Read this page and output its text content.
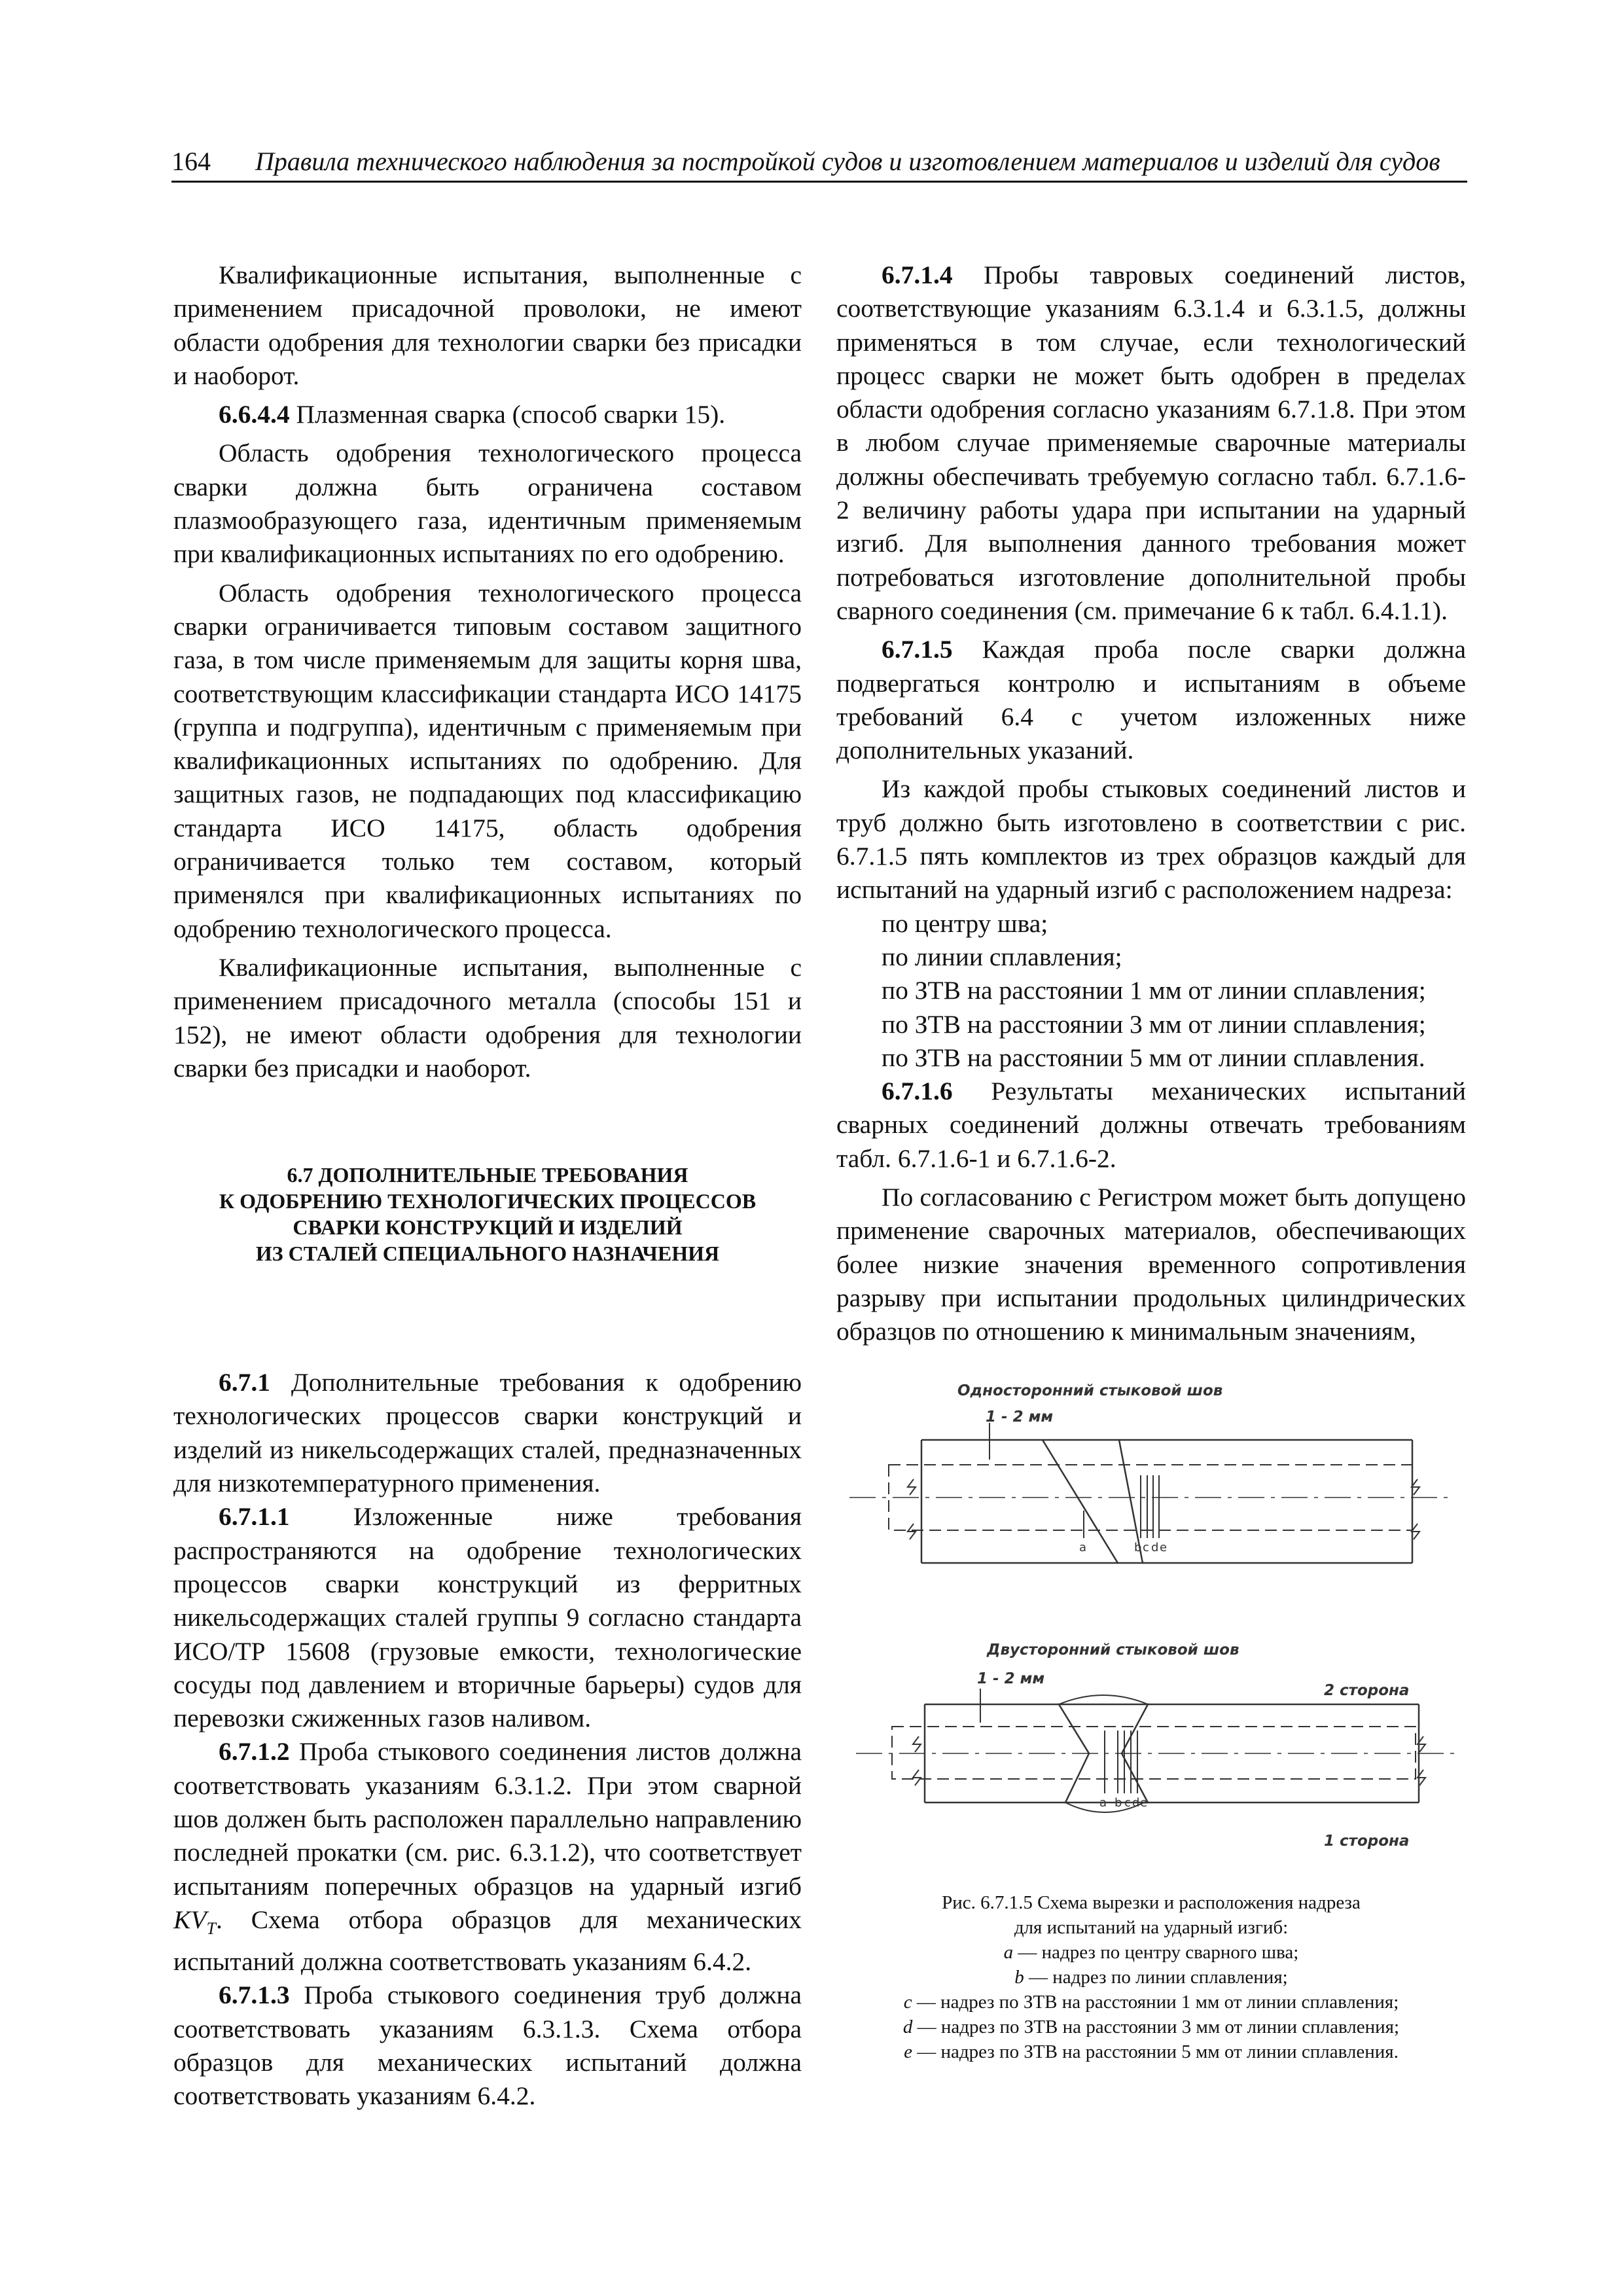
164 Правила технического наблюдения за постройкой судов и изготовлением материалов и изделий для судов

Квалификационные испытания, выполненные с применением присадочной проволоки, не имеют области одобрения для технологии сварки без присадки и наоборот.

6.6.4.4 Плазменная сварка (способ сварки 15).

Область одобрения технологического процесса сварки должна быть ограничена составом плазмообразующего газа, идентичным применяемым при квалификационных испытаниях по его одобрению.

Область одобрения технологического процесса сварки ограничивается типовым составом защитного газа, в том числе применяемым для защиты корня шва, соответствующим классификации стандарта ИСО 14175 (группа и подгруппа), идентичным с применяемым при квалификационных испытаниях по одобрению. Для защитных газов, не подпадающих под классификацию стандарта ИСО 14175, область одобрения ограничивается только тем составом, который применялся при квалификационных испытаниях по одобрению технологического процесса.

Квалификационные испытания, выполненные с применением присадочного металла (способы 151 и 152), не имеют области одобрения для технологии сварки без присадки и наоборот.

6.7 ДОПОЛНИТЕЛЬНЫЕ ТРЕБОВАНИЯ
К ОДОБРЕНИЮ ТЕХНОЛОГИЧЕСКИХ ПРОЦЕССОВ
СВАРКИ КОНСТРУКЦИЙ И ИЗДЕЛИЙ
ИЗ СТАЛЕЙ СПЕЦИАЛЬНОГО НАЗНАЧЕНИЯ

6.7.1 Дополнительные требования к одобрению технологических процессов сварки конструкций и изделий из никельсодержащих сталей, предназначенных для низкотемпературного применения.

6.7.1.1 Изложенные ниже требования распространяются на одобрение технологических процессов сварки конструкций из ферритных никельсодержащих сталей группы 9 согласно стандарта ИСО/ТР 15608 (грузовые емкости, технологические сосуды под давлением и вторичные барьеры) судов для перевозки сжиженных газов наливом.

6.7.1.2 Проба стыкового соединения листов должна соответствовать указаниям 6.3.1.2. При этом сварной шов должен быть расположен параллельно направлению последней прокатки (см. рис. 6.3.1.2), что соответствует испытаниям поперечных образцов на ударный изгиб $KV_T$. Схема отбора образцов для механических испытаний должна соответствовать указаниям 6.4.2.

6.7.1.3 Проба стыкового соединения труб должна соответствовать указаниям 6.3.1.3. Схема отбора образцов для механических испытаний должна соответствовать указаниям 6.4.2.

6.7.1.4 Пробы тавровых соединений листов, соответствующие указаниям 6.3.1.4 и 6.3.1.5, должны применяться в том случае, если технологический процесс сварки не может быть одобрен в пределах области одобрения согласно указаниям 6.7.1.8. При этом в любом случае применяемые сварочные материалы должны обеспечивать требуемую согласно табл. 6.7.1.6-2 величину работы удара при испытании на ударный изгиб. Для выполнения данного требования может потребоваться изготовление дополнительной пробы сварного соединения (см. примечание 6 к табл. 6.4.1.1).

6.7.1.5 Каждая проба после сварки должна подвергаться контролю и испытаниям в объеме требований 6.4 с учетом изложенных ниже дополнительных указаний.

Из каждой пробы стыковых соединений листов и труб должно быть изготовлено в соответствии с рис. 6.7.1.5 пять комплектов из трех образцов каждый для испытаний на ударный изгиб с расположением надреза:

по центру шва;

по линии сплавления;

по ЗТВ на расстоянии 1 мм от линии сплавления;

по ЗТВ на расстоянии 3 мм от линии сплавления;

по ЗТВ на расстоянии 5 мм от линии сплавления.

6.7.1.6 Результаты механических испытаний сварных соединений должны отвечать требованиям табл. 6.7.1.6-1 и 6.7.1.6-2.

По согласованию с Регистром может быть допущено применение сварочных материалов, обеспечивающих более низкие значения временного сопротивления разрыву при испытании продольных цилиндрических образцов по отношению к минимальным значениям,

Односторонний стыковой шов
1 - 2 мм
a	b c d e
Двусторонний стыковой шов
1 - 2 мм
2 сторона
a b c d e
1 сторона
Рис. 6.7.1.5 Схема вырезки и расположения надреза
для испытаний на ударный изгиб:
a — надрез по центру сварного шва;
b — надрез по линии сплавления;
c — надрез по ЗТВ на расстоянии 1 мм от линии сплавления;
d — надрез по ЗТВ на расстоянии 3 мм от линии сплавления;
e — надрез по ЗТВ на расстоянии 5 мм от линии сплавления.
